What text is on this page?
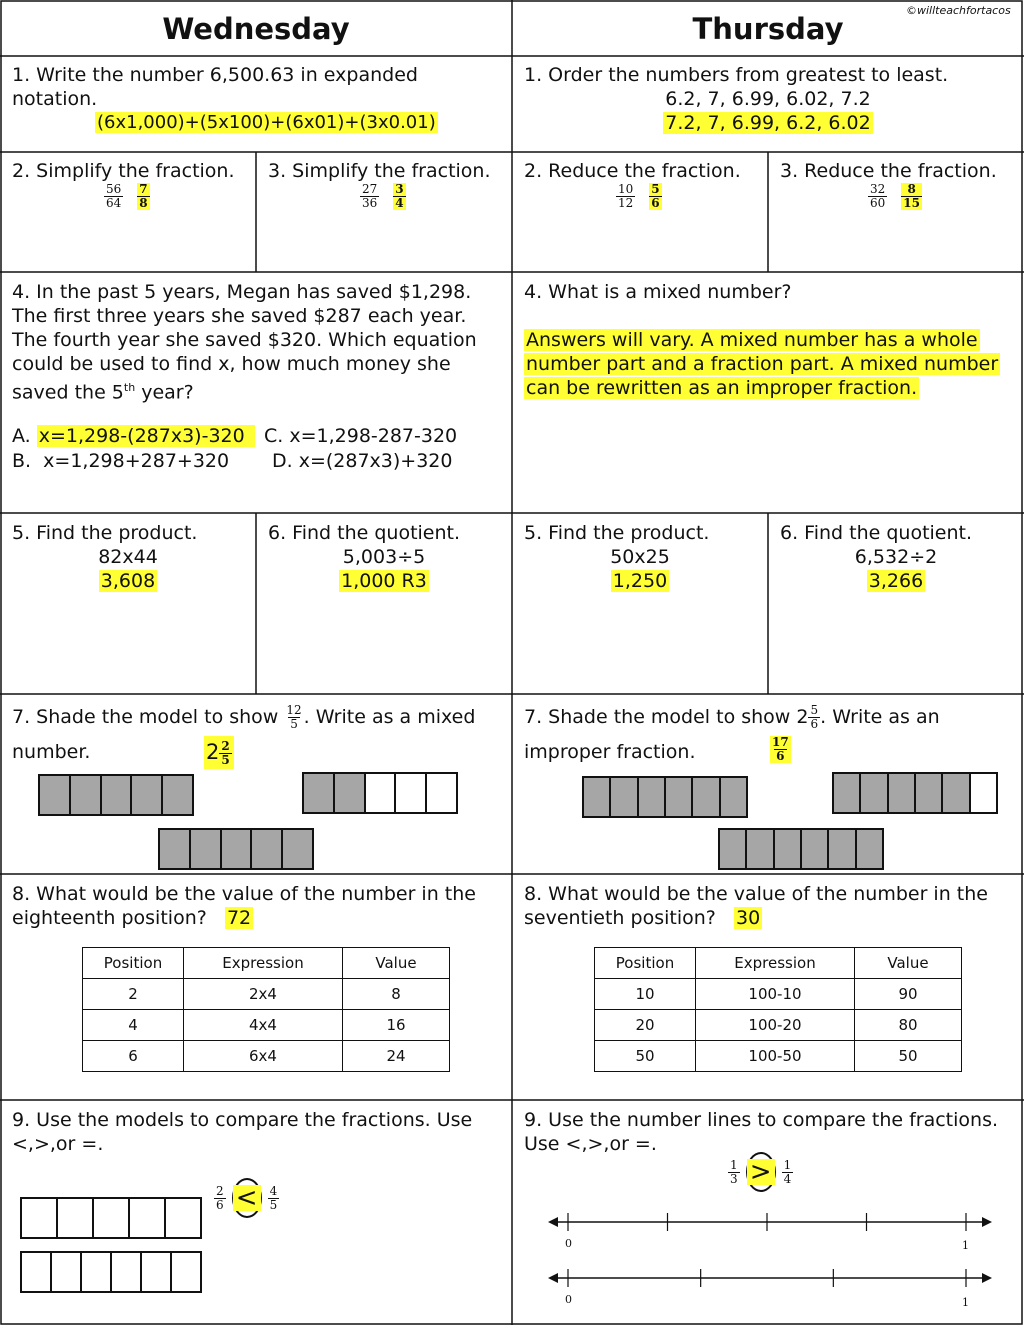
Wednesday	Thursday
©willteachfortacos
1. Write the number 6,500.63 in expanded
notation.
(6x1,000)+(5x100)+(6x01)+(3x0.01)
1. Order the numbers from greatest to least.
6.2, 7, 6.99, 6.02, 7.2
7.2, 7, 6.99, 6.2, 6.02
2. Simplify the fraction.
$\frac{56}{64} \frac{7}{8}$
3. Simplify the fraction.
$\frac{27}{36} \frac{3}{4}$
2. Reduce the fraction.
$\frac{10}{12} \frac{5}{6}$
3. Reduce the fraction.
$\frac{32}{60} \frac{8}{15}$
4. In the past 5 years, Megan has saved $1,298.
The first three years she saved $287 each year.
The fourth year she saved $320. Which equation
could be used to find x, how much money she
saved the 5th year?
A. x=1,298-(287x3)-320
B. x=1,298+287+320
C. x=1,298-287-320
D. x=(287x3)+320
4. What is a mixed number?
Answers will vary. A mixed number has a whole
number part and a fraction part. A mixed number
can be rewritten as an improper fraction.
5. Find the product.
82x44
3,608
6. Find the quotient.
5,003÷5
1,000 R3
5. Find the product.
50x25
1,250
6. Find the quotient.
6,532÷2
3,266
7. Shade the model to show $\frac{12}{5}$ . Write as a mixed
number.	$2 \frac{2}{5}$
7. Shade the model to show $2 \frac{5}{6}$ . Write as an
improper fraction.	$\frac{17}{6}$
8. What would be the value of the number in the
eighteenth position? 72
Position	Expression	Value
2	2x4	8
4	4x4	16
6	6x4	24
8. What would be the value of the number in the
seventieth position? 30
Position	Expression	Value
10	100-10	90
20	100-20	80
50	100-50	50
9. Use the models to compare the fractions. Use
<,>,or =.
$\frac{2}{6} < \frac{4}{5}$
9. Use the number lines to compare the fractions.
Use <,>,or =.
$\frac{1}{3} > \frac{1}{4}$
0	1
0	1
